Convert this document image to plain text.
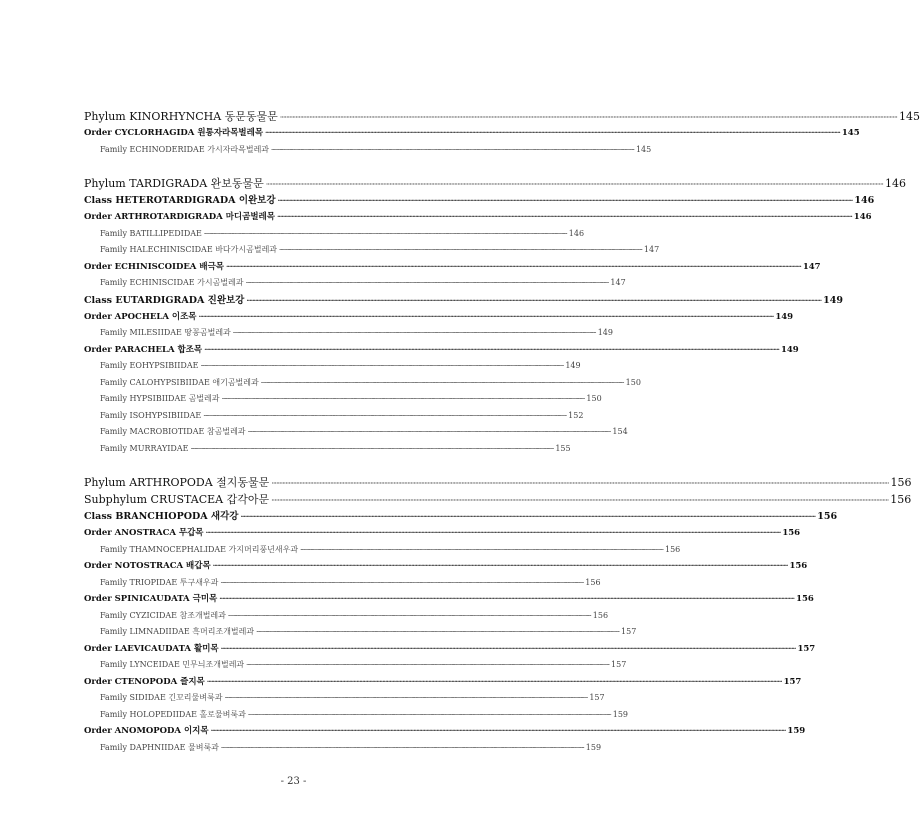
Phylum KINORHYNCHA 동문동물문 ················································································································································································································································································································································································································ 145
Order CYCLORHAGIDA 원통자라목벌레목 ················································································································································································································································································································································································································ 145
Family ECHINODERIDAE 가시자라목벌레과 ················································································································································································································································································································································································································ 145
Phylum TARDIGRADA 완보동물문 ················································································································································································································································································································································································································ 146
Class HETEROTARDIGRADA 이완보강 ················································································································································································································································································································································································································ 146
Order ARTHROTARDIGRADA 마디곰벌레목 ················································································································································································································································································································································································································ 146
Family BATILLIPEDIDAE ················································································································································································································································································································································································································ 146
Family HALECHINISCIDAE 바다가시곰벌레과 ················································································································································································································································································································································································································ 147
Order ECHINISCOIDEA 배극목 ················································································································································································································································································································································································································ 147
Family ECHINISCIDAE 가시곰벌레과 ················································································································································································································································································································································································································ 147
Class EUTARDIGRADA 진완보강 ················································································································································································································································································································································································································ 149
Order APOCHELA 이조목 ················································································································································································································································································································································································································ 149
Family MILESIIDAE 땅꽁곰벌레과 ················································································································································································································································································································································································································ 149
Order PARACHELA 합조목 ················································································································································································································································································································································································································ 149
Family EOHYPSIBIIDAE ················································································································································································································································································································································································································ 149
Family CALOHYPSIBIIDAE 애기곰벌레과 ················································································································································································································································································································································································································ 150
Family HYPSIBIIDAE 곰벌레과 ················································································································································································································································································································································································································ 150
Family ISOHYPSIBIIDAE ················································································································································································································································································································································································································ 152
Family MACROBIOTIDAE 참곰벌레과 ················································································································································································································································································································································································································ 154
Family MURRAYIDAE ················································································································································································································································································································································································································ 155
Phylum ARTHROPODA 절지동물문 ················································································································································································································································································································································································································ 156
Subphylum CRUSTACEA 갑각아문 ················································································································································································································································································································································································································ 156
Class BRANCHIOPODA 새각강 ················································································································································································································································································································································································································ 156
Order ANOSTRACA 무갑목 ················································································································································································································································································································································································································ 156
Family THAMNOCEPHALIDAE 가지머리풍년새우과 ················································································································································································································································································································································································································ 156
Order NOTOSTRACA 배갑목 ················································································································································································································································································································································································································ 156
Family TRIOPIDAE 투구새우과 ················································································································································································································································································································································································································ 156
Order SPINICAUDATA 극미목 ················································································································································································································································································································································································································ 156
Family CYZICIDAE 참조개벌레과 ················································································································································································································································································································································································································ 156
Family LIMNADIIDAE 흑머리조개벌레과 ················································································································································································································································································································································································································ 157
Order LAEVICAUDATA 활미목 ················································································································································································································································································································································································································ 157
Family LYNCEIDAE 민무늬조개벌레과 ················································································································································································································································································································································································································ 157
Order CTENOPODA 즐지목 ················································································································································································································································································································································································································ 157
Family SIDIDAE 긴꼬리물벼룩과 ················································································································································································································································································································································································································ 157
Family HOLOPEDIIDAE 홀로물벼룩과 ················································································································································································································································································································································································································ 159
Order ANOMOPODA 이지목 ················································································································································································································································································································································································································ 159
Family DAPHNIIDAE 물벼룩과 ················································································································································································································································································································································································································ 159
- 23 -
